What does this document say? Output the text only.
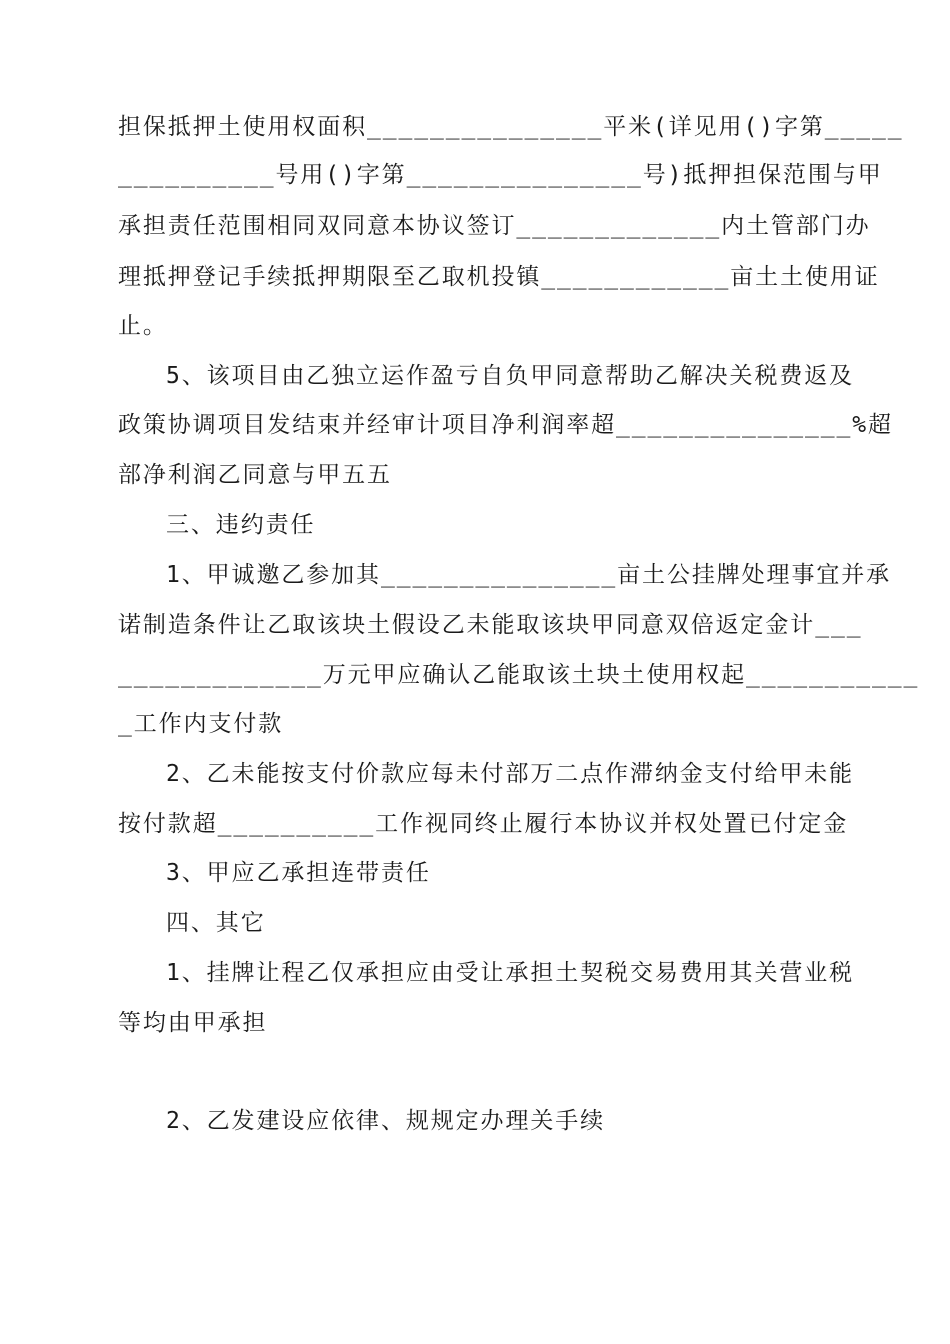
担保抵押土使用权面积_______________平米(详见用()字第_____
__________号用()字第_______________号)抵押担保范围与甲
承担责任范围相同双同意本协议签订_____________内土管部门办
理抵押登记手续抵押期限至乙取机投镇____________亩土土使用证
止。
5、该项目由乙独立运作盈亏自负甲同意帮助乙解决关税费返及
政策协调项目发结束并经审计项目净利润率超_______________%超
部净利润乙同意与甲五五
三、违约责任
1、甲诚邀乙参加其_______________亩土公挂牌处理事宜并承
诺制造条件让乙取该块土假设乙未能取该块甲同意双倍返定金计___
_____________万元甲应确认乙能取该土块土使用权起___________
_工作内支付款
2、乙未能按支付价款应每未付部万二点作滞纳金支付给甲未能
按付款超__________工作视同终止履行本协议并权处置已付定金
3、甲应乙承担连带责任
四、其它
1、挂牌让程乙仅承担应由受让承担土契税交易费用其关营业税
等均由甲承担
2、乙发建设应依律、规规定办理关手续
